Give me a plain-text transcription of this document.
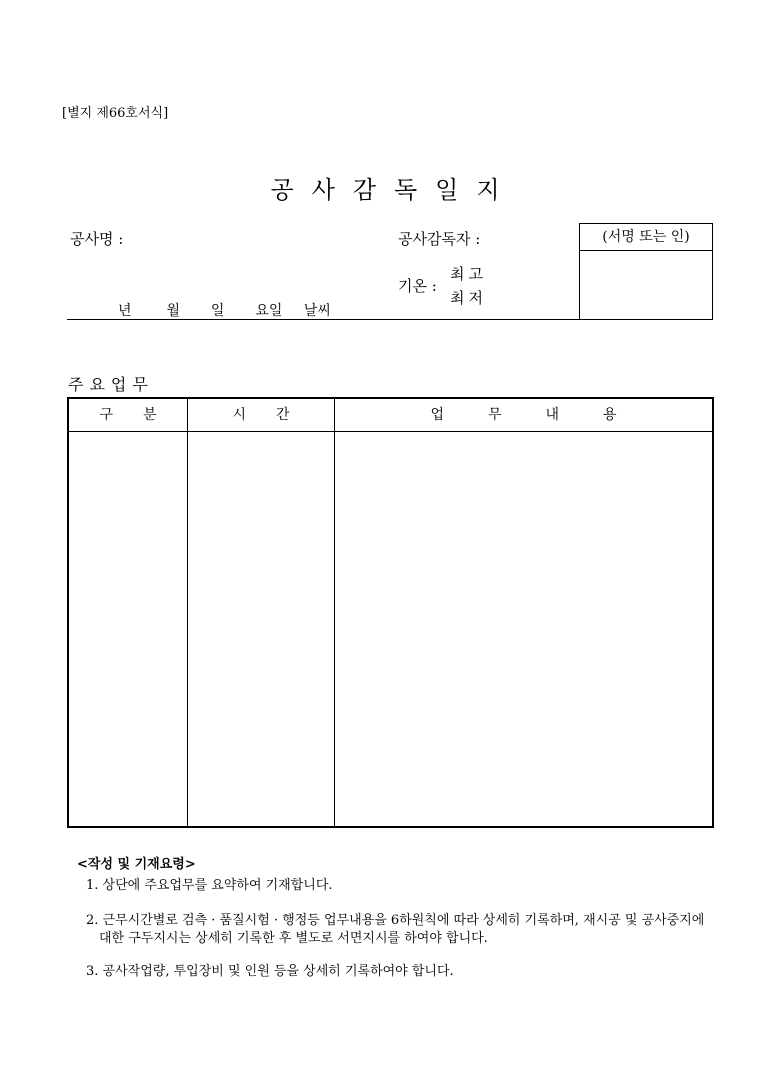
[별지 제66호서식]
공사감독일지
공사명 :	공사감독자 :
기온 :
최고
최저
년 월 일 요일 날씨
(서명 또는 인)
주요업무
구분	시간	업무내용
<작성 및 기재요령>
1. 상단에 주요업무를 요약하여 기재합니다.
2. 근무시간별로 검측 · 품질시험 · 행정등 업무내용을 6하원칙에 따라 상세히 기록하며, 재시공 및 공사중지에 대한 구두지시는 상세히 기록한 후 별도로 서면지시를 하여야 합니다.
3. 공사작업량, 투입장비 및 인원 등을 상세히 기록하여야 합니다.
